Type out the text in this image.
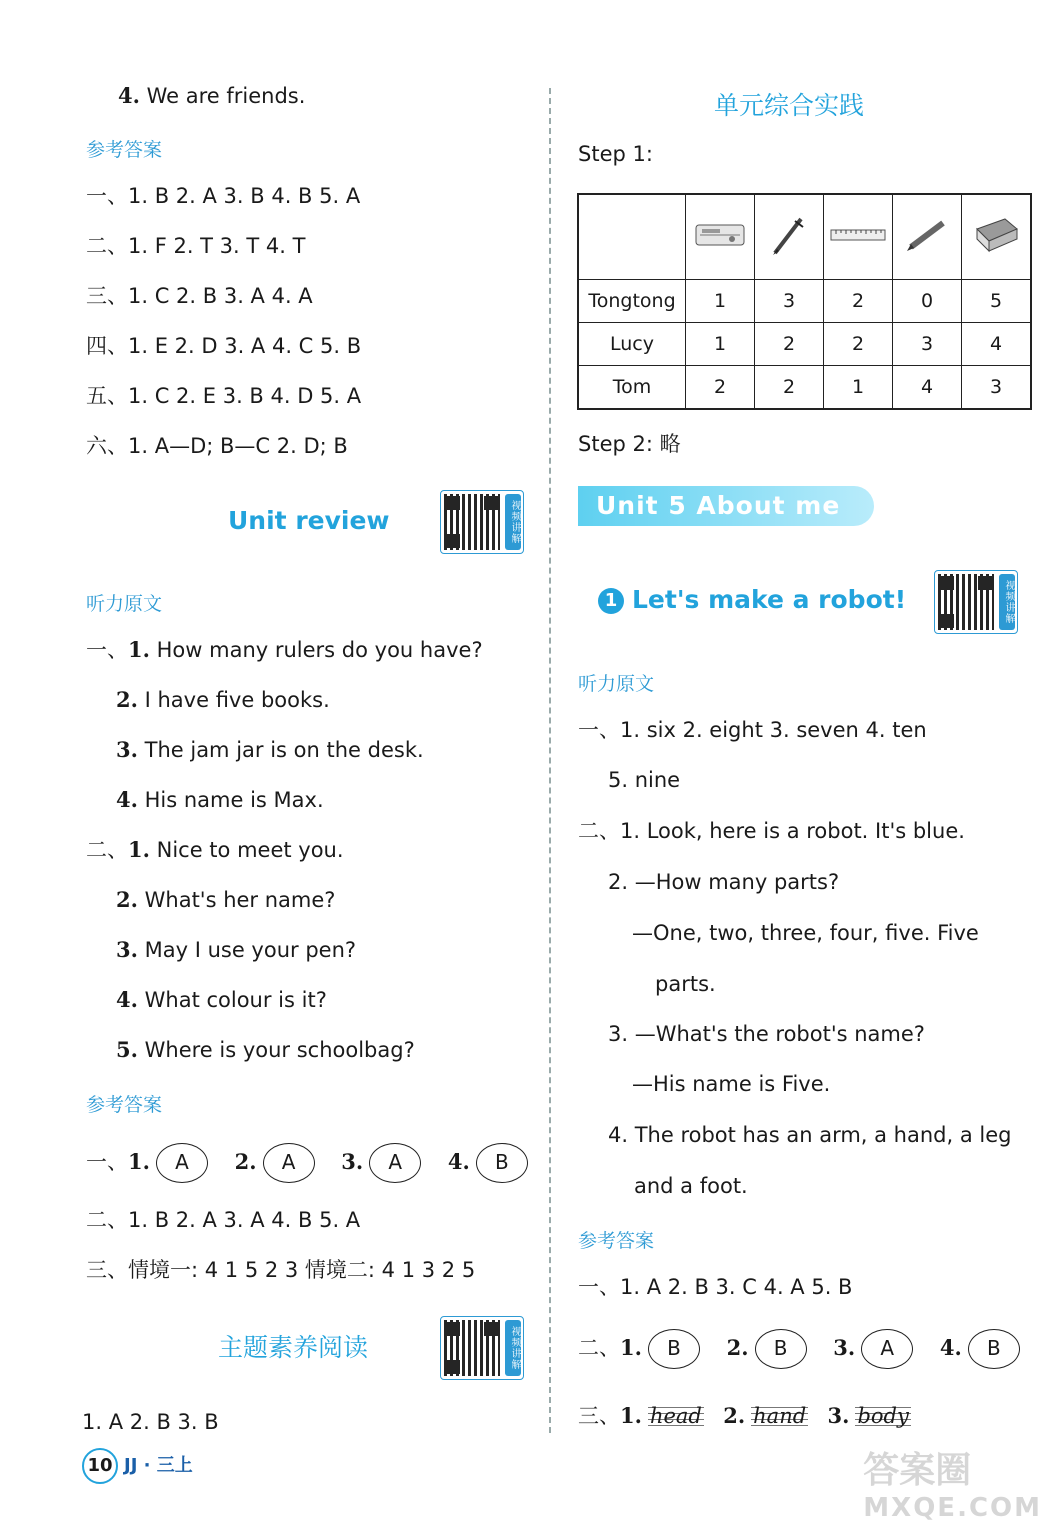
4. We are friends.
参考答案
一、1. B 2. A 3. B 4. B 5. A
二、1. F 2. T 3. T 4. T
三、1. C 2. B 3. A 4. A
四、1. E 2. D 3. A 4. C 5. B
五、1. C 2. E 3. B 4. D 5. A
六、1. A—D; B—C 2. D; B
Unit review	视频讲解
听力原文
一、1. How many rulers do you have?
2. I have five books.
3. The jam jar is on the desk.
4. His name is Max.
二、1. Nice to meet you.
2. What's her name?
3. May I use your pen?
4. What colour is it?
5. Where is your schoolbag?
参考答案
一、1. A 2. A 3. A 4. B
二、1. B 2. A 3. A 4. B 5. A
三、情境一: 4 1 5 2 3 情境二: 4 1 3 2 5
主题素养阅读	视频讲解
1. A 2. B 3. B
10 JJ · 三上
单元综合实践
Step 1:

Tongtong	1	3	2	0	5
Lucy	1	2	2	3	4
Tom	2	2	1	4	3
Step 2: 略
Unit 5 About me
1 Let's make a robot!	视频讲解
听力原文
一、1. six 2. eight 3. seven 4. ten
5. nine
二、1. Look, here is a robot. It's blue.
2. —How many parts?
—One, two, three, four, five. Five
parts.
3. —What's the robot's name?
—His name is Five.
4. The robot has an arm, a hand, a leg
and a foot.
参考答案
一、1. A 2. B 3. C 4. A 5. B
二、1. B 2. B 3. A 4. B
三、1. head 2. hand 3. body
答案圈
MXQE.COM
